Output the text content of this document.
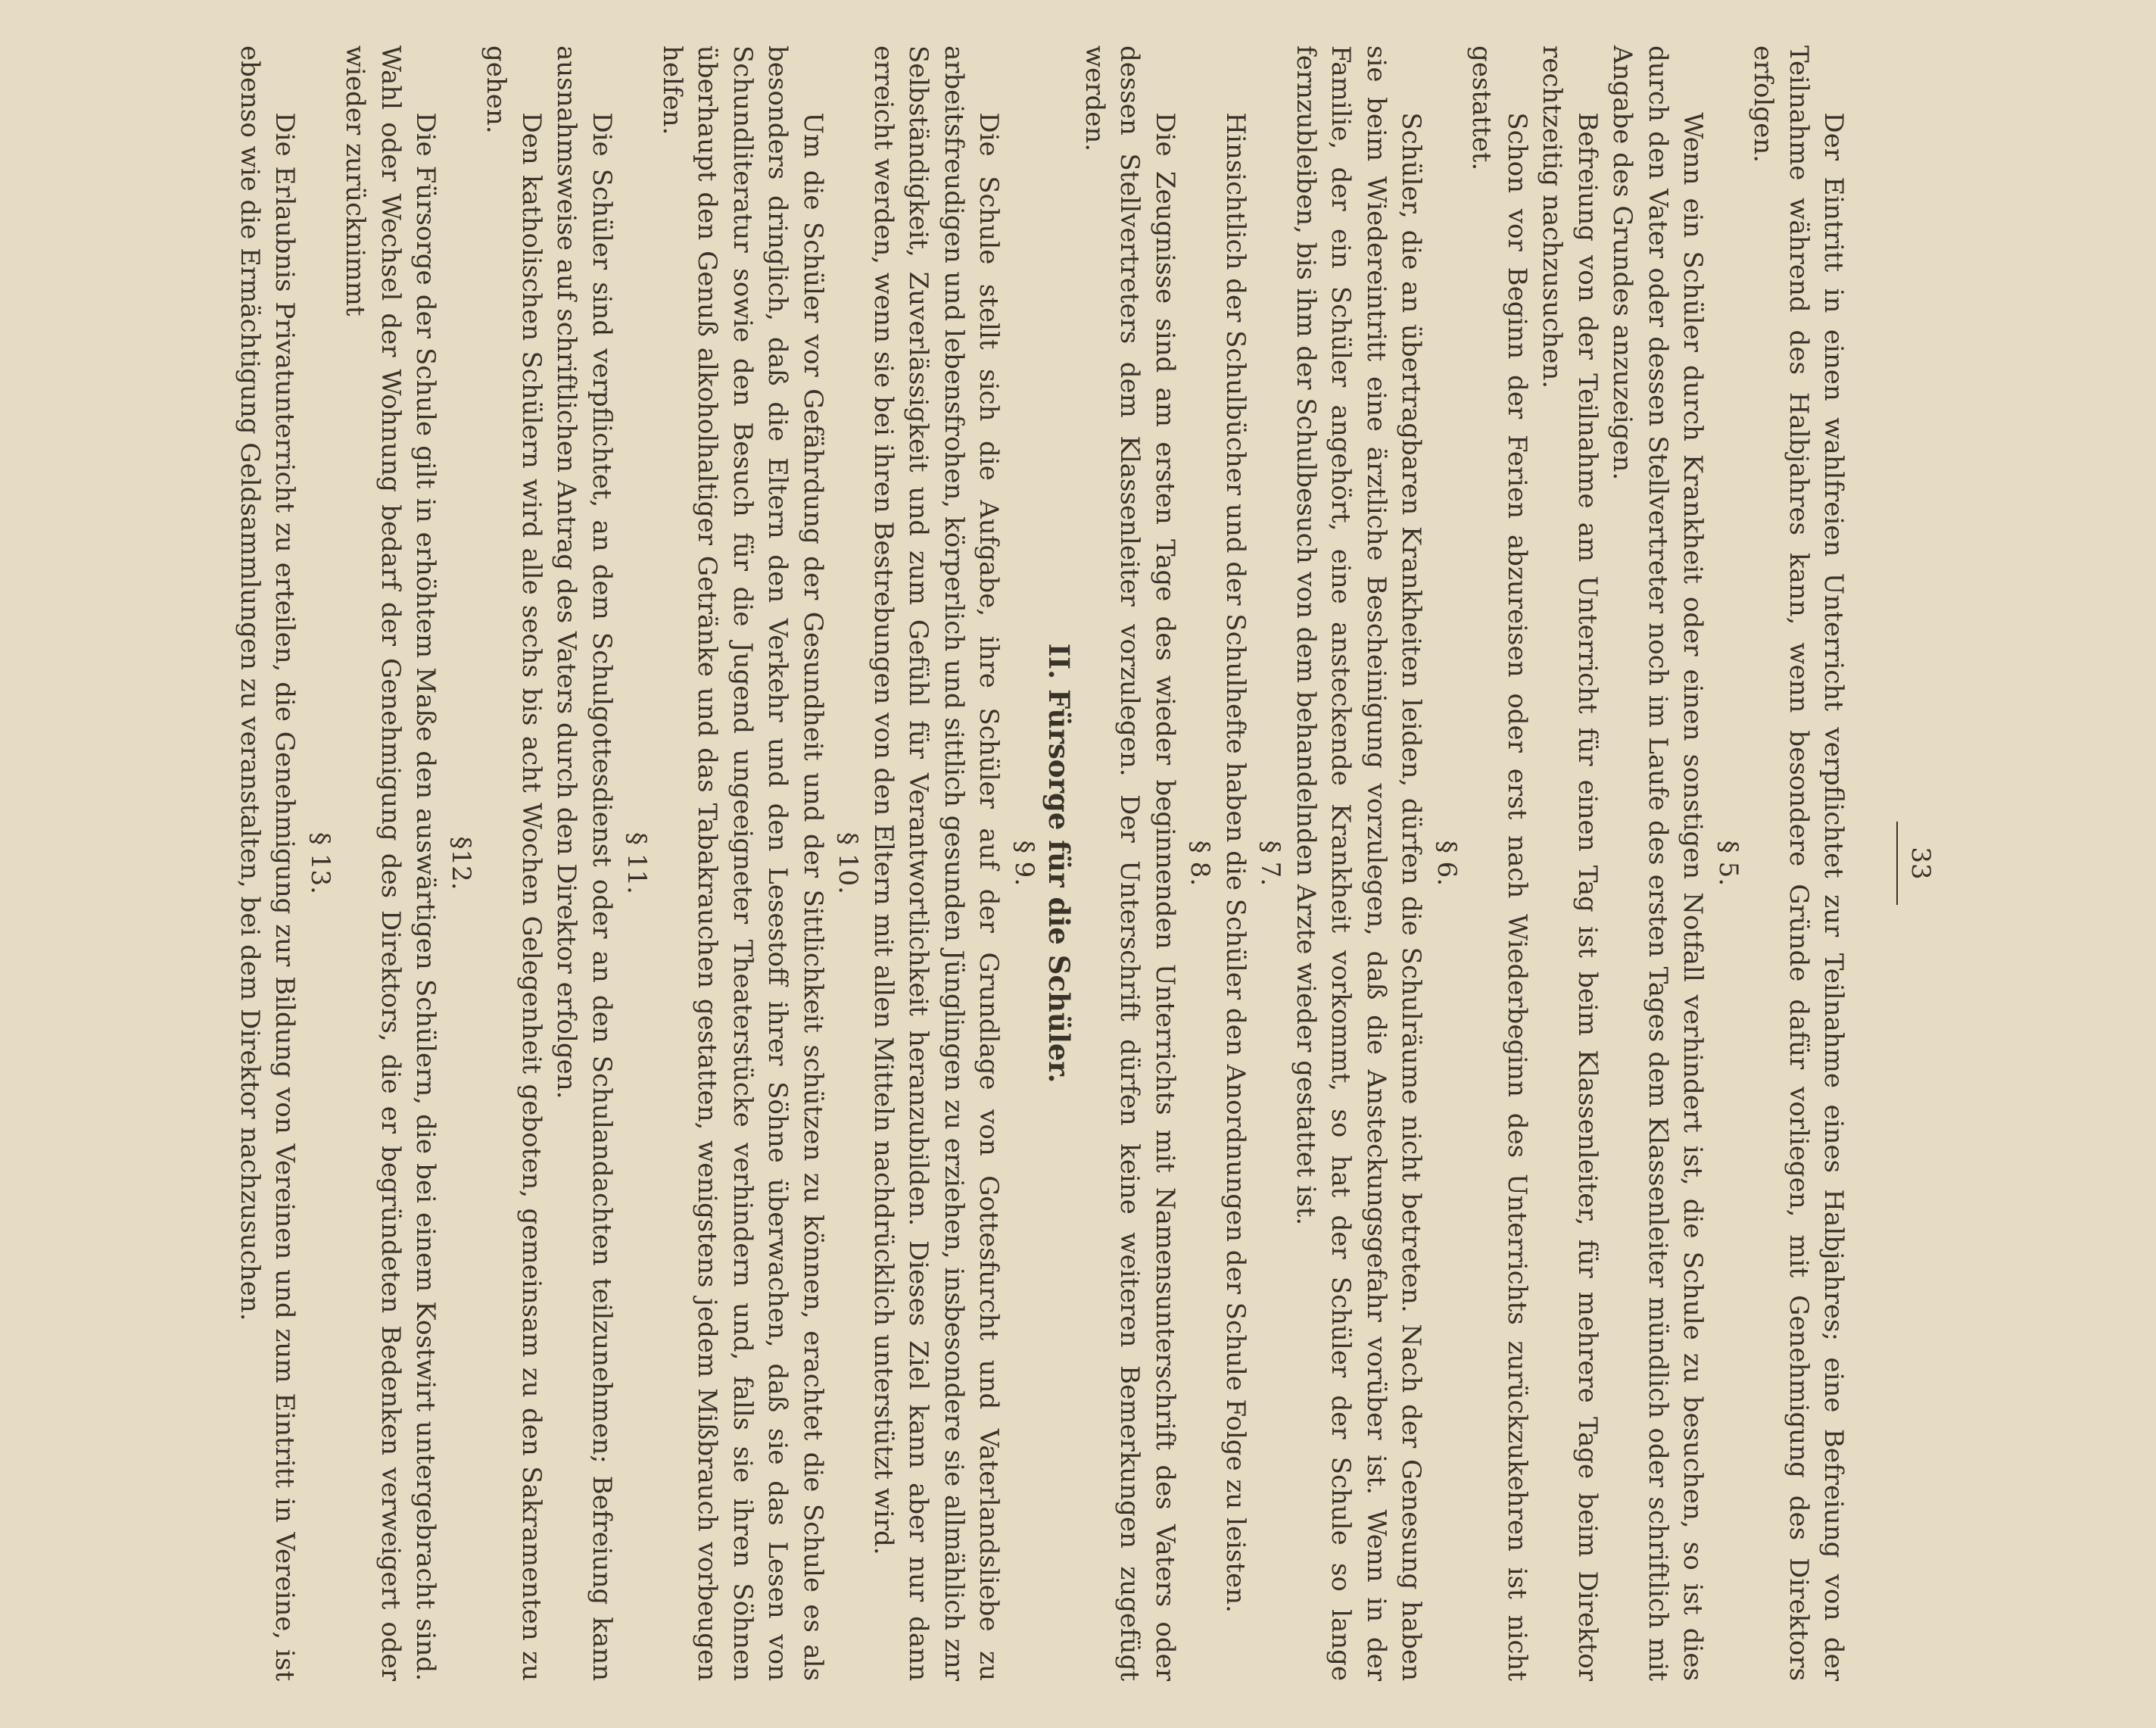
33

Der Eintritt in einen wahlfreien Unterricht verpflichtet zur Teilnahme eines Halbjahres; eine Befreiung von der Teilnahme während des Halbjahres kann, wenn besondere Gründe dafür vorliegen, mit Genehmigung des Direktors erfolgen.

§ 5.

Wenn ein Schüler durch Krankheit oder einen sonstigen Notfall verhindert ist, die Schule zu besuchen, so ist dies durch den Vater oder dessen Stellvertreter noch im Laufe des ersten Tages dem Klassenleiter mündlich oder schriftlich mit Angabe des Grundes anzuzeigen.

Befreiung von der Teilnahme am Unterricht für einen Tag ist beim Klassenleiter, für mehrere Tage beim Direktor rechtzeitig nachzusuchen.

Schon vor Beginn der Ferien abzureisen oder erst nach Wiederbeginn des Unterrichts zurückzukehren ist nicht gestattet.

§ 6.

Schüler, die an übertragbaren Krankheiten leiden, dürfen die Schulräume nicht betreten. Nach der Genesung haben sie beim Wiedereintritt eine ärztliche Bescheinigung vorzulegen, daß die Ansteckungsgefahr vorüber ist. Wenn in der Familie, der ein Schüler angehört, eine ansteckende Krankheit vorkommt, so hat der Schüler der Schule so lange fernzubleiben, bis ihm der Schulbesuch von dem behandelnden Arzte wieder gestattet ist.

§ 7.

Hinsichtlich der Schulbücher und der Schulhefte haben die Schüler den Anordnungen der Schule Folge zu leisten.

§ 8.

Die Zeugnisse sind am ersten Tage des wieder beginnenden Unterrichts mit Namensunterschrift des Vaters oder dessen Stellvertreters dem Klassenleiter vorzulegen. Der Unterschrift dürfen keine weiteren Bemerkungen zugefügt werden.

II. Fürsorge für die Schüler.

§ 9.

Die Schule stellt sich die Aufgabe, ihre Schüler auf der Grundlage von Gottesfurcht und Vaterlandsliebe zu arbeitsfreudigen und lebensfrohen, körperlich und sittlich gesunden Jünglingen zu erziehen, insbesondere sie allmählich znr Selbständigkeit, Zuverlässigkeit und zum Gefühl für Verantwortlichkeit heranzubilden. Dieses Ziel kann aber nur dann erreicht werden, wenn sie bei ihren Bestrebungen von den Eltern mit allen Mitteln nachdrücklich unterstützt wird.

§ 10.

Um die Schüler vor Gefährdung der Gesundheit und der Sittlichkeit schützen zu können, erachtet die Schule es als besonders dringlich, daß die Eltern den Verkehr und den Lesestoff ihrer Söhne überwachen, daß sie das Lesen von Schundliteratur sowie den Besuch für die Jugend ungeeigneter Theaterstücke verhindern und, falls sie ihren Söhnen überhaupt den Genuß alkoholhaltiger Getränke und das Tabakrauchen gestatten, wenigstens jedem Mißbrauch vorbeugen helfen.

§ 11.

Die Schüler sind verpflichtet, an dem Schulgottesdienst oder an den Schulandachten teilzunehmen; Befreiung kann ausnahmsweise auf schriftlichen Antrag des Vaters durch den Direktor erfolgen.

Den katholischen Schülern wird alle sechs bis acht Wochen Gelegenheit geboten, gemeinsam zu den Sakramenten zu gehen.

§12.

Die Fürsorge der Schule gilt in erhöhtem Maße den auswärtigen Schülern, die bei einem Kostwirt untergebracht sind. Wahl oder Wechsel der Wohnung bedarf der Genehmigung des Direktors, die er begründeten Bedenken verweigert oder wieder zurücknimmt

§ 13.

Die Erlaubnis Privatunterricht zu erteilen, die Genehmigung zur Bildung von Vereinen und zum Eintritt in Vereine, ist ebenso wie die Ermächtigung Geldsammlungen zu veranstalten, bei dem Direktor nachzusuchen.
